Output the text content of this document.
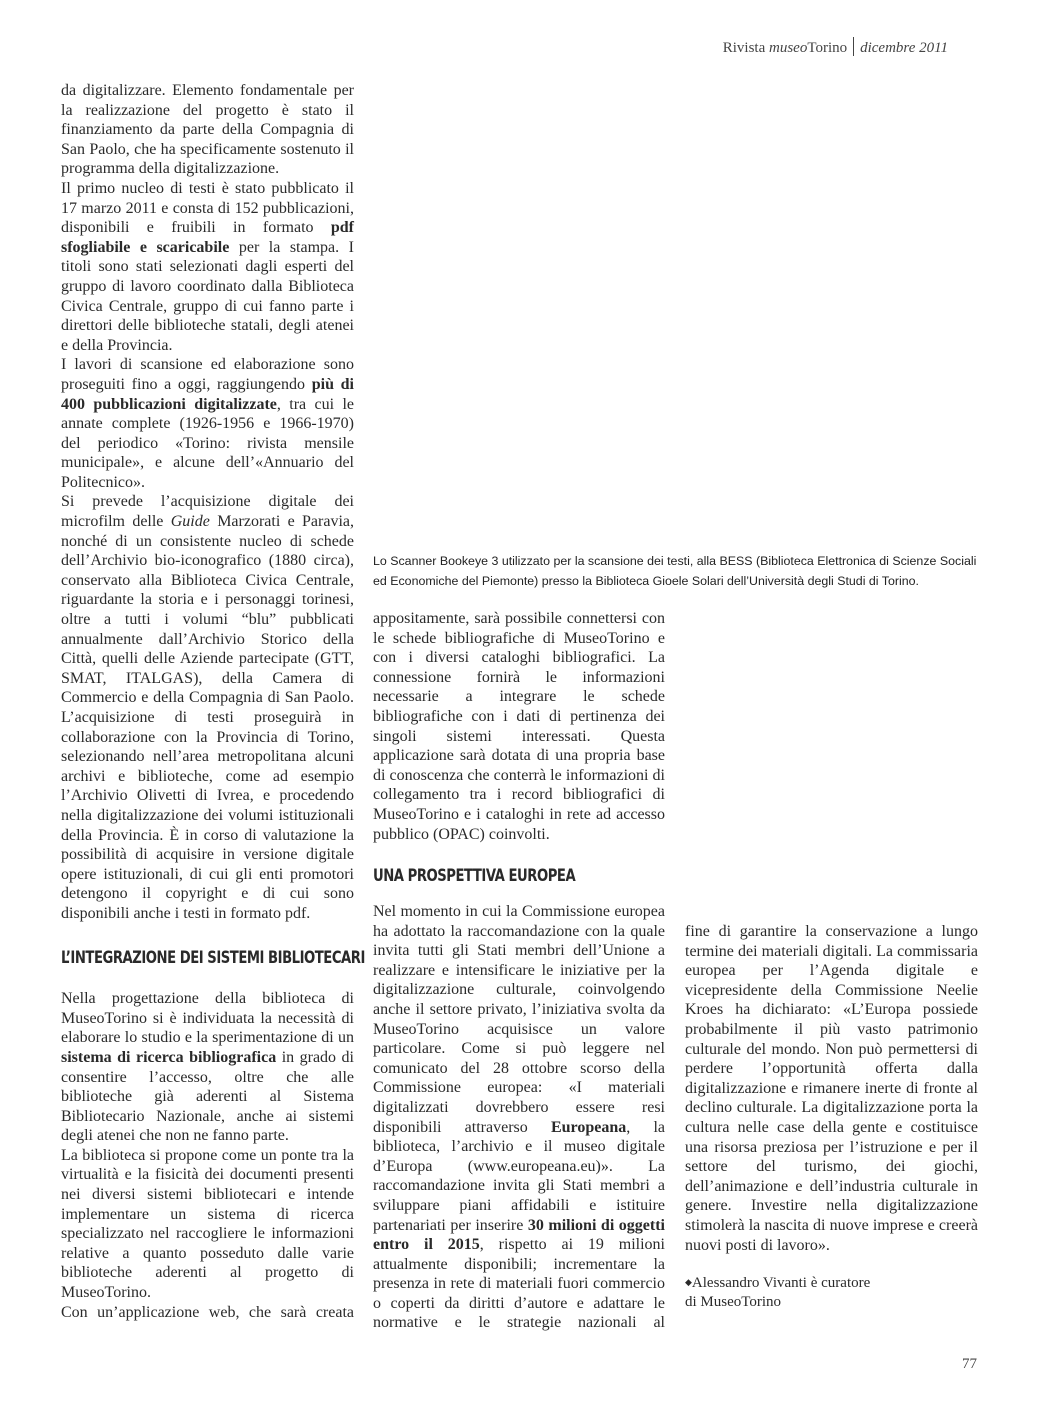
Rivista museoTorino dicembre 2011

da digitalizzare. Elemento fondamentale per la realizzazione del progetto è stato il finanziamento da parte della Compagnia di San Paolo, che ha specificamente sostenuto il programma della digitalizzazione.

Il primo nucleo di testi è stato pubblicato il 17 marzo 2011 e consta di 152 pubblicazioni, disponibili e fruibili in formato pdf sfogliabile e scaricabile per la stampa. I titoli sono stati selezionati dagli esperti del gruppo di lavoro coordinato dalla Biblioteca Civica Centrale, gruppo di cui fanno parte i direttori delle biblioteche statali, degli atenei e della Provincia.

I lavori di scansione ed elaborazione sono proseguiti fino a oggi, raggiungendo più di 400 pubblicazioni digitalizzate, tra cui le annate complete (1926-1956 e 1966-1970) del periodico «Torino: rivista mensile municipale», e alcune dell’«Annuario del Politecnico».

Si prevede l’acquisizione digitale dei microfilm delle Guide Marzorati e Paravia, nonché di un consistente nucleo di schede dell’Archivio bio-iconografico (1880 circa), conservato alla Biblioteca Civica Centrale, riguardante la storia e i personaggi torinesi, oltre a tutti i volumi “blu” pubblicati annualmente dall’Archivio Storico della Città, quelli delle Aziende partecipate (GTT, SMAT, ITALGAS), della Camera di Commercio e della Compagnia di San Paolo. L’acquisizione di testi proseguirà in collaborazione con la Provincia di Torino, selezionando nell’area metropolitana alcuni archivi e biblioteche, come ad esempio l’Archivio Olivetti di Ivrea, e procedendo nella digitalizzazione dei volumi istituzionali della Provincia. È in corso di valutazione la possibilità di acquisire in versione digitale opere istituzionali, di cui gli enti promotori detengono il copyright e di cui sono disponibili anche i testi in formato pdf.

L’INTEGRAZIONE DEI SISTEMI BIBLIOTECARI

Nella progettazione della biblioteca di MuseoTorino si è individuata la necessità di elaborare lo studio e la sperimentazione di un sistema di ricerca bibliografica in grado di consentire l’accesso, oltre che alle biblioteche già aderenti al Sistema Bibliotecario Nazionale, anche ai sistemi degli atenei che non ne fanno parte.

La biblioteca si propone come un ponte tra la virtualità e la fisicità dei documenti presenti nei diversi sistemi bibliotecari e intende implementare un sistema di ricerca specializzato nel raccogliere le informazioni relative a quanto posseduto dalle varie biblioteche aderenti al progetto di MuseoTorino.

Con un’applicazione web, che sarà creata

Lo Scanner Bookeye 3 utilizzato per la scansione dei testi, alla BESS (Biblioteca Elettronica di Scienze Sociali ed Economiche del Piemonte) presso la Biblioteca Gioele Solari dell’Università degli Studi di Torino.

appositamente, sarà possibile connettersi con le schede bibliografiche di MuseoTorino e con i diversi cataloghi bibliografici. La connessione fornirà le informazioni necessarie a integrare le schede bibliografiche con i dati di pertinenza dei singoli sistemi interessati. Questa applicazione sarà dotata di una propria base di conoscenza che conterrà le informazioni di collegamento tra i record bibliografici di MuseoTorino e i cataloghi in rete ad accesso pubblico (OPAC) coinvolti.

UNA PROSPETTIVA EUROPEA

Nel momento in cui la Commissione europea ha adottato la raccomandazione con la quale invita tutti gli Stati membri dell’Unione a realizzare e intensificare le iniziative per la digitalizzazione culturale, coinvolgendo anche il settore privato, l’iniziativa svolta da MuseoTorino acquisisce un valore particolare. Come si può leggere nel comunicato del 28 ottobre scorso della Commissione europea: «I materiali digitalizzati dovrebbero essere resi disponibili attraverso Europeana, la biblioteca, l’archivio e il museo digitale d’Europa (www.europeana.eu)». La raccomandazione invita gli Stati membri a sviluppare piani affidabili e istituire partenariati per inserire 30 milioni di oggetti entro il 2015, rispetto ai 19 milioni attualmente disponibili; incrementare la presenza in rete di materiali fuori commercio o coperti da diritti d’autore e adattare le normative e le strategie nazionali al

fine di garantire la conservazione a lungo termine dei materiali digitali. La commissaria europea per l’Agenda digitale e vicepresidente della Commissione Neelie Kroes ha dichiarato: «L’Europa possiede probabilmente il più vasto patrimonio culturale del mondo. Non può permettersi di perdere l’opportunità offerta dalla digitalizzazione e rimanere inerte di fronte al declino culturale. La digitalizzazione porta la cultura nelle case della gente e costituisce una risorsa preziosa per l’istruzione e per il settore del turismo, dei giochi, dell’animazione e dell’industria culturale in genere. Investire nella digitalizzazione stimolerà la nascita di nuove imprese e creerà nuovi posti di lavoro».

◆Alessandro Vivanti è curatore
di MuseoTorino
77
